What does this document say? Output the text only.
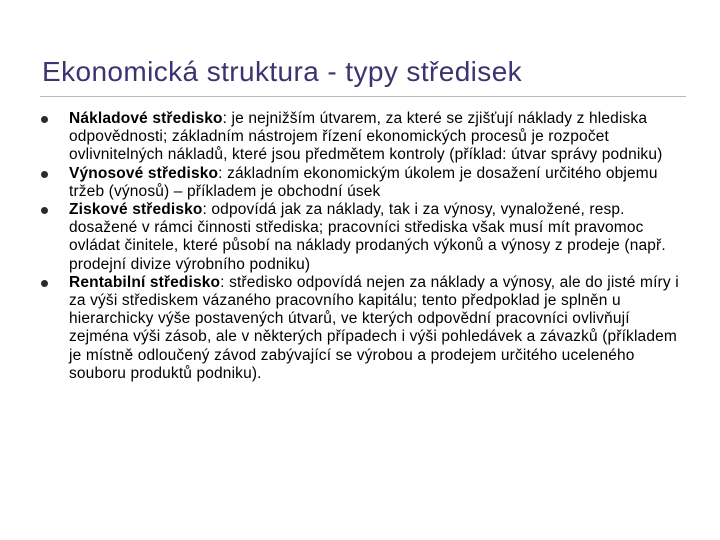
Ekonomická struktura - typy středisek
Nákladové středisko: je nejnižším útvarem, za které se zjišťují náklady z hlediska odpovědnosti; základním nástrojem řízení ekonomických procesů je rozpočet ovlivnitelných nákladů, které jsou předmětem kontroly (příklad: útvar správy podniku)
Výnosové středisko: základním ekonomickým úkolem je dosažení určitého objemu tržeb (výnosů) – příkladem je obchodní úsek
Ziskové středisko: odpovídá jak za náklady, tak i za výnosy, vynaložené, resp. dosažené v rámci činnosti střediska; pracovníci střediska však musí mít pravomoc ovládat činitele, které působí na náklady prodaných výkonů a výnosy z prodeje (např. prodejní divize výrobního podniku)
Rentabilní středisko: středisko odpovídá nejen za náklady a výnosy, ale do jisté míry i za výši střediskem vázaného pracovního kapitálu; tento předpoklad je splněn u hierarchicky výše postavených útvarů, ve kterých odpovědní pracovníci ovlivňují zejména výši zásob, ale v některých případech i výši pohledávek a závazků (příkladem je místně odloučený závod zabývající se výrobou a prodejem určitého uceleného souboru produktů podniku).
